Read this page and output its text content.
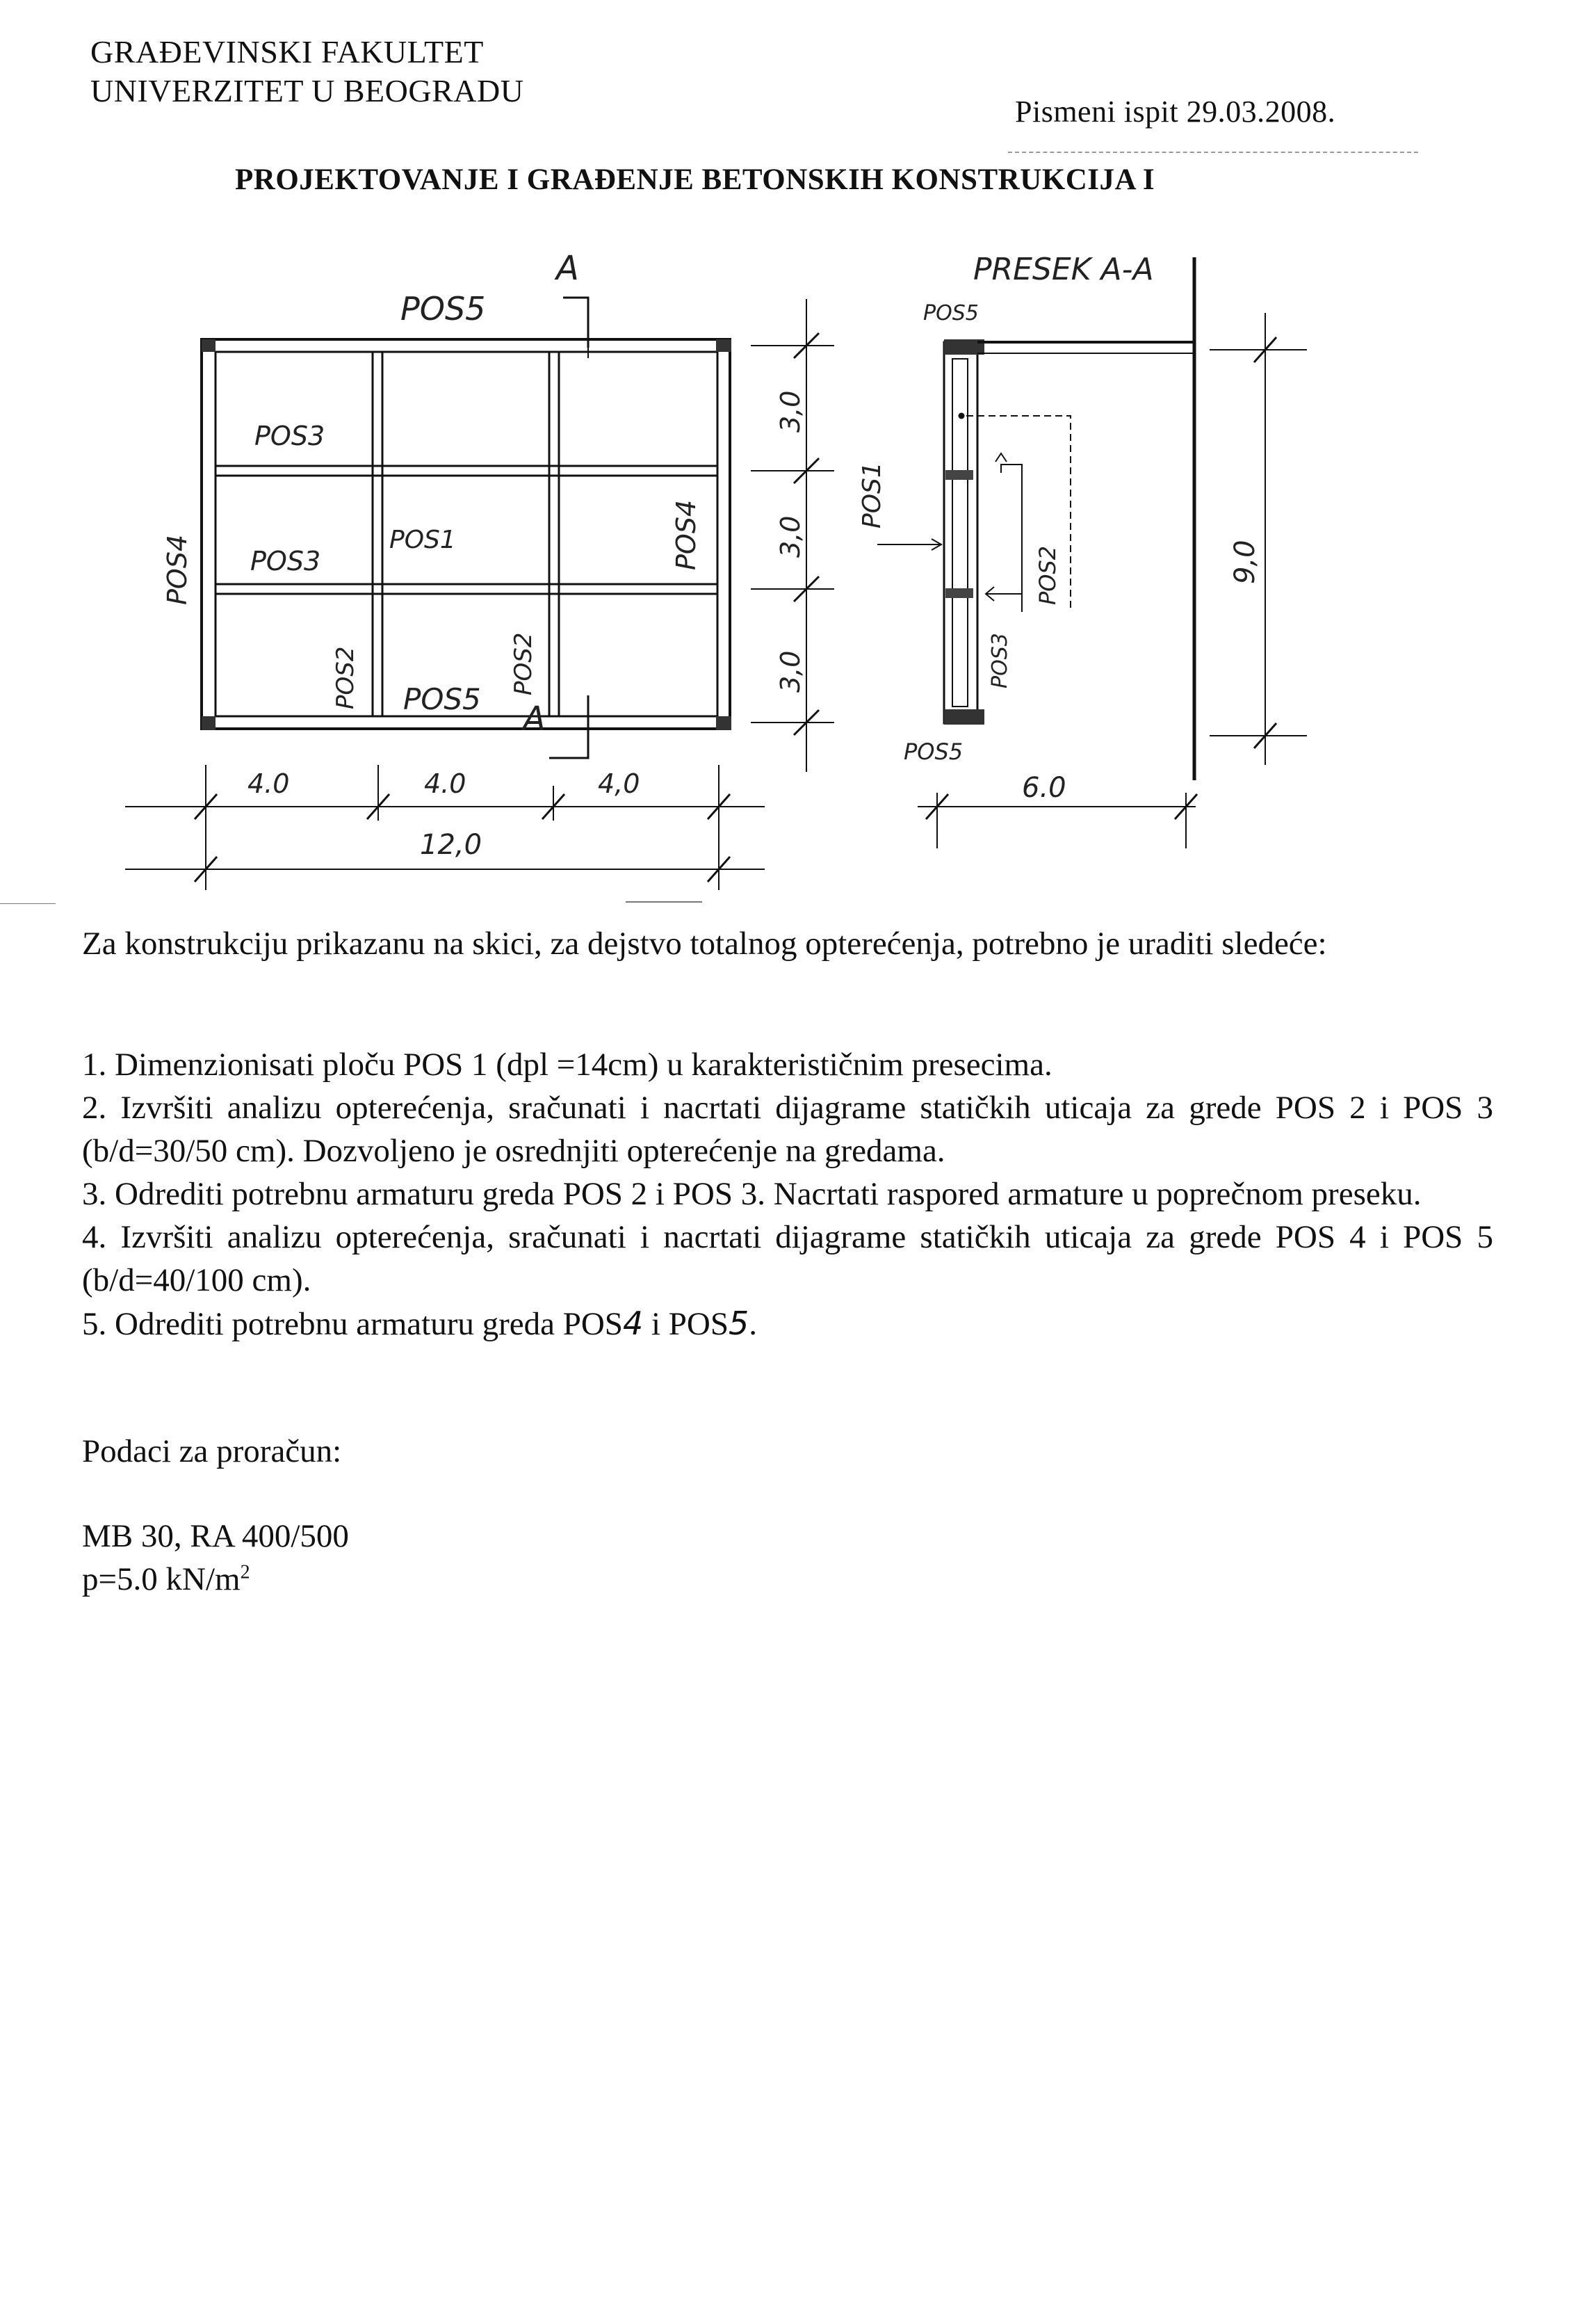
GRAĐEVINSKI FAKULTET
UNIVERZITET U BEOGRADU
Pismeni ispit 29.03.2008.
PROJEKTOVANJE I GRAĐENJE BETONSKIH KONSTRUKCIJA I
A
POS5
POS3
POS3
POS1
POS5
A
POS4	POS4
POS2	POS2
4.0	4.0	4,0
12,0
3,0
3,0
3,0
PRESEK A-A
POS5
POS5
POS1
POS2
POS3
6.0
9,0
Za konstrukciju prikazanu na skici, za dejstvo totalnog opterećenja, potrebno je uraditi sledeće:
1. Dimenzionisati ploču POS 1 (dpl =14cm) u karakterističnim presecima.
2. Izvršiti analizu opterećenja, sračunati i nacrtati dijagrame statičkih uticaja za grede POS 2 i POS 3 (b/d=30/50 cm). Dozvoljeno je osrednjiti opterećenje na gredama.
3. Odrediti potrebnu armaturu greda POS 2 i POS 3. Nacrtati raspored armature u poprečnom preseku.
4. Izvršiti analizu opterećenja, sračunati i nacrtati dijagrame statičkih uticaja za grede POS 4 i POS 5 (b/d=40/100 cm).
5. Odrediti potrebnu armaturu greda POS4 i POS5.
Podaci za proračun:
MB 30, RA 400/500
p=5.0 $kN/m^2$
